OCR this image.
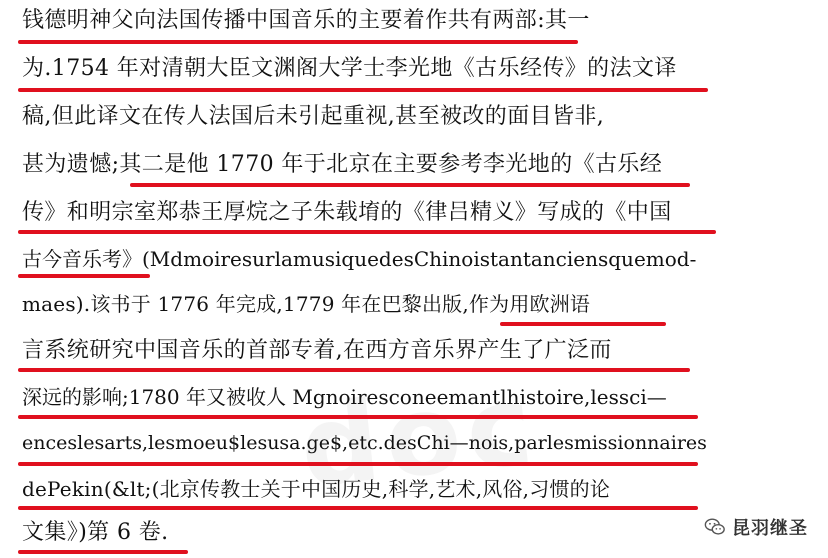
钱德明神父向法国传播中国音乐的主要着作共有两部:其一
为.1754 年对清朝大臣文渊阁大学士李光地《古乐经传》的法文译
稿,但此译文在传人法国后未引起重视,甚至被改的面目皆非,
甚为遗憾;其二是他 1770 年于北京在主要参考李光地的《古乐经
传》和明宗室郑恭王厚烷之子朱载堉的《律吕精义》写成的《中国
古今音乐考》(MdmoiresurlamusiquedesChinoistantanciensquemod-
maes).该书于 1776 年完成,1779 年在巴黎出版,作为用欧洲语
言系统研究中国音乐的首部专着,在西方音乐界产生了广泛而
深远的影响;1780 年又被收人 Mgnoiresconeemantlhistoire,lessci—
enceslesarts,lesmoeu$lesusa.ge$,etc.desChi—nois,parlesmissionnaires
dePekin(&lt;(北京传教士关于中国历史,科学,艺术,风俗,习惯的论
文集》)第 6 卷.	昆羽继圣
